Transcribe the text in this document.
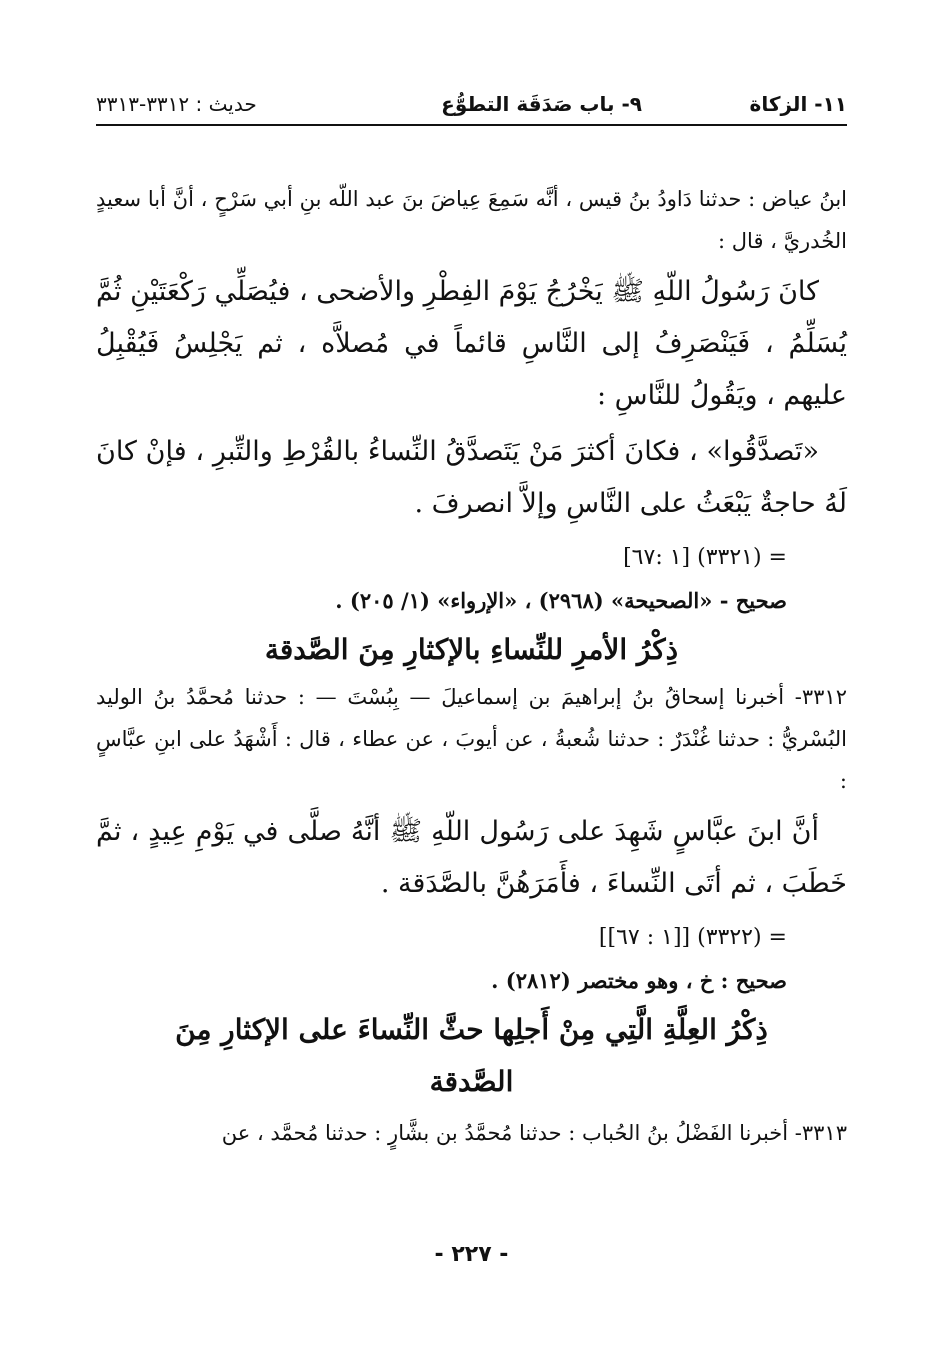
١١- الزكاة
٩- باب صَدَقَة التطوُّع
حديث : ٣٣١٢-٣٣١٣

ابنُ عياض : حدثنا دَاودُ بنُ قيس ، أنَّه سَمِعَ عِياضَ بنَ عبد اللّه بنِ أبي سَرْحٍ ، أنَّ أبا سعيدٍ الخُدريَّ ، قال :

كانَ رَسُولُ اللّهِ ﷺ يَخْرُجُ يَوْمَ الفِطْرِ والأضحى ، فيُصَلِّي رَكْعَتَيْنِ ثُمَّ يُسَلِّمُ ، فَيَنْصَرِفُ إلى النَّاسِ قائماً في مُصلاَّه ، ثم يَجْلِسُ فَيُقْبِلُ عليهم ، ويَقُولُ للنَّاسِ :

«تَصدَّقُوا» ، فكانَ أكثرَ مَنْ يَتَصدَّقُ النِّساءُ بالقُرْطِ والتِّبرِ ، فإنْ كانَ لَهُ حاجةٌ يَبْعَثُ على النَّاسِ وإلاَّ انصرفَ .

= (٣٣٢١) [١ :٦٧]

صحيح - «الصحيحة» (٢٩٦٨) ، «الإرواء» (١/ ٢٠٥) .

ذِكْرُ الأمرِ للنِّساءِ بالإكثارِ مِنَ الصَّدقة

٣٣١٢- أخبرنا إسحاقُ بنُ إبراهيمَ بن إسماعيلَ — بِبُسْتَ — : حدثنا مُحمَّدُ بنُ الوليد البُسْريُّ : حدثنا غُنْدَرٌ : حدثنا شُعبةُ ، عن أيوبَ ، عن عطاء ، قال : أَشْهَدُ على ابنِ عبَّاسٍ :

أنَّ ابنَ عبَّاسٍ شَهِدَ على رَسُول اللّهِ ﷺ أنَّهُ صلَّى في يَوْمِ عِيدٍ ، ثمَّ خَطَبَ ، ثم أتَى النِّساءَ ، فأَمَرَهُنَّ بالصَّدَقة .

= (٣٣٢٢) [[١ : ٦٧]]

صحيح : خ ، وهو مختصر (٢٨١٢) .

ذِكْرُ العِلَّةِ الَّتِي مِنْ أَجلِها حثَّ النِّساءَ على الإكثارِ مِنَ

الصَّدقة

٣٣١٣- أخبرنا الفَضْلُ بنُ الحُباب : حدثنا مُحمَّدُ بن بشَّارٍ : حدثنا مُحمَّد ، عن

- ٢٢٧ -
